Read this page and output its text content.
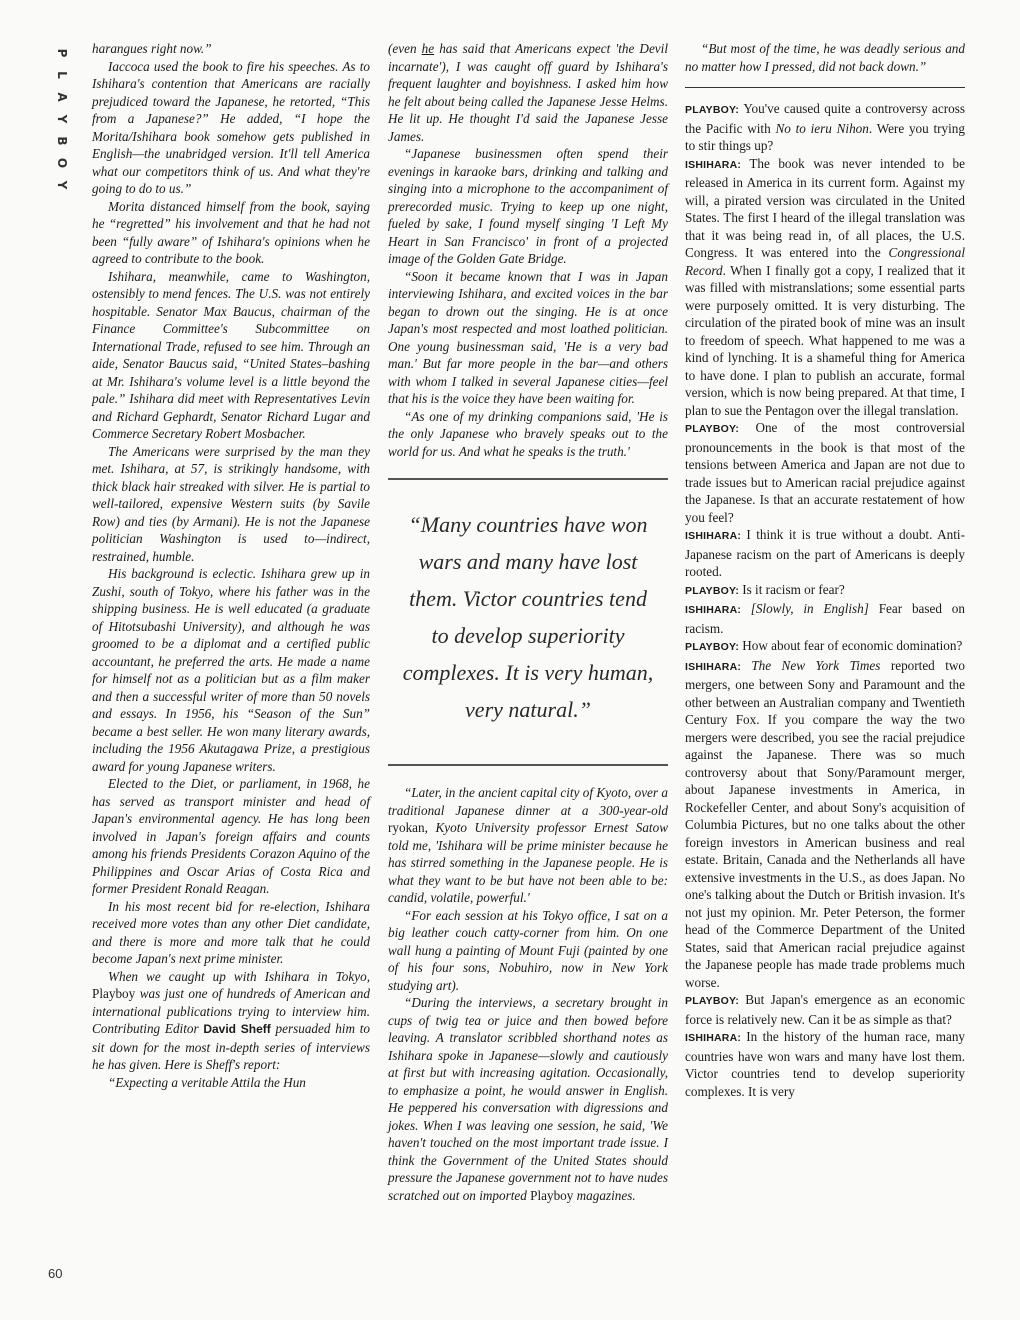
P
L
A
Y
B
O
Y
60

harangues right now.”

Iaccoca used the book to fire his speeches. As to Ishihara's contention that Americans are racially prejudiced toward the Japanese, he retorted, “This from a Japanese?” He added, “I hope the Morita/Ishihara book somehow gets published in English—the unabridged version. It'll tell America what our competitors think of us. And what they're going to do to us.”

Morita distanced himself from the book, saying he “regretted” his involvement and that he had not been “fully aware” of Ishihara's opinions when he agreed to contribute to the book.

Ishihara, meanwhile, came to Washington, ostensibly to mend fences. The U.S. was not entirely hospitable. Senator Max Baucus, chairman of the Finance Committee's Subcommittee on International Trade, refused to see him. Through an aide, Senator Baucus said, “United States–bashing at Mr. Ishihara's volume level is a little beyond the pale.” Ishihara did meet with Representatives Levin and Richard Gephardt, Senator Richard Lugar and Commerce Secretary Robert Mosbacher.

The Americans were surprised by the man they met. Ishihara, at 57, is strikingly handsome, with thick black hair streaked with silver. He is partial to well-tailored, expensive Western suits (by Savile Row) and ties (by Armani). He is not the Japanese politician Washington is used to—indirect, restrained, humble.

His background is eclectic. Ishihara grew up in Zushi, south of Tokyo, where his father was in the shipping business. He is well educated (a graduate of Hitotsubashi University), and although he was groomed to be a diplomat and a certified public accountant, he preferred the arts. He made a name for himself not as a politician but as a film maker and then a successful writer of more than 50 novels and essays. In 1956, his “Season of the Sun” became a best seller. He won many literary awards, including the 1956 Akutagawa Prize, a prestigious award for young Japanese writers.

Elected to the Diet, or parliament, in 1968, he has served as transport minister and head of Japan's environmental agency. He has long been involved in Japan's foreign affairs and counts among his friends Presidents Corazon Aquino of the Philippines and Oscar Arias of Costa Rica and former President Ronald Reagan.

In his most recent bid for re-election, Ishihara received more votes than any other Diet candidate, and there is more and more talk that he could become Japan's next prime minister.

When we caught up with Ishihara in Tokyo, Playboy was just one of hundreds of American and international publications trying to interview him. Contributing Editor David Sheff persuaded him to sit down for the most in-depth series of interviews he has given. Here is Sheff's report:

“Expecting a veritable Attila the Hun

(even he has said that Americans expect 'the Devil incarnate'), I was caught off guard by Ishihara's frequent laughter and boyishness. I asked him how he felt about being called the Japanese Jesse Helms. He lit up. He thought I'd said the Japanese Jesse James.

“Japanese businessmen often spend their evenings in karaoke bars, drinking and talking and singing into a microphone to the accompaniment of prerecorded music. Trying to keep up one night, fueled by sake, I found myself singing 'I Left My Heart in San Francisco' in front of a projected image of the Golden Gate Bridge.

“Soon it became known that I was in Japan interviewing Ishihara, and excited voices in the bar began to drown out the singing. He is at once Japan's most respected and most loathed politician. One young businessman said, 'He is a very bad man.' But far more people in the bar—and others with whom I talked in several Japanese cities—feel that his is the voice they have been waiting for.

“As one of my drinking companions said, 'He is the only Japanese who bravely speaks out to the world for us. And what he speaks is the truth.'

“Many countries have won wars and many have lost them. Victor countries tend to develop superiority complexes. It is very human, very natural.”

“Later, in the ancient capital city of Kyoto, over a traditional Japanese dinner at a 300-year-old ryokan, Kyoto University professor Ernest Satow told me, 'Ishihara will be prime minister because he has stirred something in the Japanese people. He is what they want to be but have not been able to be: candid, volatile, powerful.'

“For each session at his Tokyo office, I sat on a big leather couch catty-corner from him. On one wall hung a painting of Mount Fuji (painted by one of his four sons, Nobuhiro, now in New York studying art).

“During the interviews, a secretary brought in cups of twig tea or juice and then bowed before leaving. A translator scribbled shorthand notes as Ishihara spoke in Japanese—slowly and cautiously at first but with increasing agitation. Occasionally, to emphasize a point, he would answer in English. He peppered his conversation with digressions and jokes. When I was leaving one session, he said, 'We haven't touched on the most important trade issue. I think the Government of the United States should pressure the Japanese government not to have nudes scratched out on imported Playboy magazines.

“But most of the time, he was deadly serious and no matter how I pressed, did not back down.”

PLAYBOY: You've caused quite a controversy across the Pacific with No to ieru Nihon. Were you trying to stir things up?

ISHIHARA: The book was never intended to be released in America in its current form. Against my will, a pirated version was circulated in the United States. The first I heard of the illegal translation was that it was being read in, of all places, the U.S. Congress. It was entered into the Congressional Record. When I finally got a copy, I realized that it was filled with mistranslations; some essential parts were purposely omitted. It is very disturbing. The circulation of the pirated book of mine was an insult to freedom of speech. What happened to me was a kind of lynching. It is a shameful thing for America to have done. I plan to publish an accurate, formal version, which is now being prepared. At that time, I plan to sue the Pentagon over the illegal translation.

PLAYBOY: One of the most controversial pronouncements in the book is that most of the tensions between America and Japan are not due to trade issues but to American racial prejudice against the Japanese. Is that an accurate restatement of how you feel?

ISHIHARA: I think it is true without a doubt. Anti-Japanese racism on the part of Americans is deeply rooted.

PLAYBOY: Is it racism or fear?

ISHIHARA: [Slowly, in English] Fear based on racism.

PLAYBOY: How about fear of economic domination?

ISHIHARA: The New York Times reported two mergers, one between Sony and Paramount and the other between an Australian company and Twentieth Century Fox. If you compare the way the two mergers were described, you see the racial prejudice against the Japanese. There was so much controversy about that Sony/Paramount merger, about Japanese investments in America, in Rockefeller Center, and about Sony's acquisition of Columbia Pictures, but no one talks about the other foreign investors in American business and real estate. Britain, Canada and the Netherlands all have extensive investments in the U.S., as does Japan. No one's talking about the Dutch or British invasion. It's not just my opinion. Mr. Peter Peterson, the former head of the Commerce Department of the United States, said that American racial prejudice against the Japanese people has made trade problems much worse.

PLAYBOY: But Japan's emergence as an economic force is relatively new. Can it be as simple as that?

ISHIHARA: In the history of the human race, many countries have won wars and many have lost them. Victor countries tend to develop superiority complexes. It is very
